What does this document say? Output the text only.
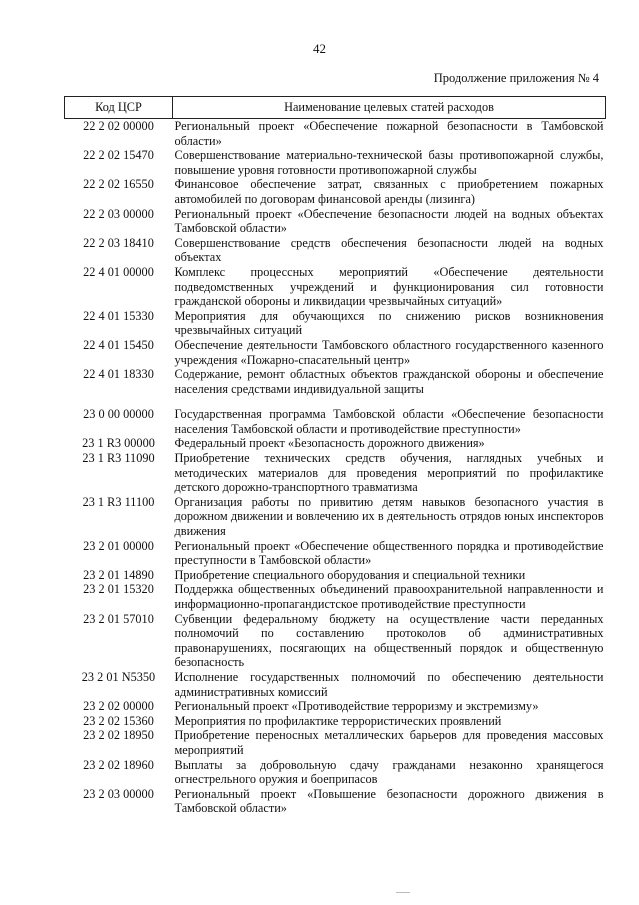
42
Продолжение приложения № 4
Код ЦСР	Наименование целевых статей расходов
22 2 02 00000	Региональный проект «Обеспечение пожарной безопасности в Тамбовской области»
22 2 02 15470	Совершенствование материально-технической базы противопожарной службы, повышение уровня готовности противопожарной службы
22 2 02 16550	Финансовое обеспечение затрат, связанных с приобретением пожарных автомобилей по договорам финансовой аренды (лизинга)
22 2 03 00000	Региональный проект «Обеспечение безопасности людей на водных объектах Тамбовской области»
22 2 03 18410	Совершенствование средств обеспечения безопасности людей на водных объектах
22 4 01 00000	Комплекс процессных мероприятий «Обеспечение деятельности подведомственных учреждений и функционирования сил готовности гражданской обороны и ликвидации чрезвычайных ситуаций»
22 4 01 15330	Мероприятия для обучающихся по снижению рисков возникновения чрезвычайных ситуаций
22 4 01 15450	Обеспечение деятельности Тамбовского областного государственного казенного учреждения «Пожарно-спасательный центр»
22 4 01 18330	Содержание, ремонт областных объектов гражданской обороны и обеспечение населения средствами индивидуальной защиты
23 0 00 00000	Государственная программа Тамбовской области «Обеспечение безопасности населения Тамбовской области и противодействие преступности»
23 1 R3 00000	Федеральный проект «Безопасность дорожного движения»
23 1 R3 11090	Приобретение технических средств обучения, наглядных учебных и методических материалов для проведения мероприятий по профилактике детского дорожно-транспортного травматизма
23 1 R3 11100	Организация работы по привитию детям навыков безопасного участия в дорожном движении и вовлечению их в деятельность отрядов юных инспекторов движения
23 2 01 00000	Региональный проект «Обеспечение общественного порядка и противодействие преступности в Тамбовской области»
23 2 01 14890	Приобретение специального оборудования и специальной техники
23 2 01 15320	Поддержка общественных объединений правоохранительной направленности и информационно-пропагандистское противодействие преступности
23 2 01 57010	Субвенции федеральному бюджету на осуществление части переданных полномочий по составлению протоколов об административных правонарушениях, посягающих на общественный порядок и общественную безопасность
23 2 01 N5350	Исполнение государственных полномочий по обеспечению деятельности административных комиссий
23 2 02 00000	Региональный проект «Противодействие терроризму и экстремизму»
23 2 02 15360	Мероприятия по профилактике террористических проявлений
23 2 02 18950	Приобретение переносных металлических барьеров для проведения массовых мероприятий
23 2 02 18960	Выплаты за добровольную сдачу гражданами незаконно хранящегося огнестрельного оружия и боеприпасов
23 2 03 00000	Региональный проект «Повышение безопасности дорожного движения в Тамбовской области»
